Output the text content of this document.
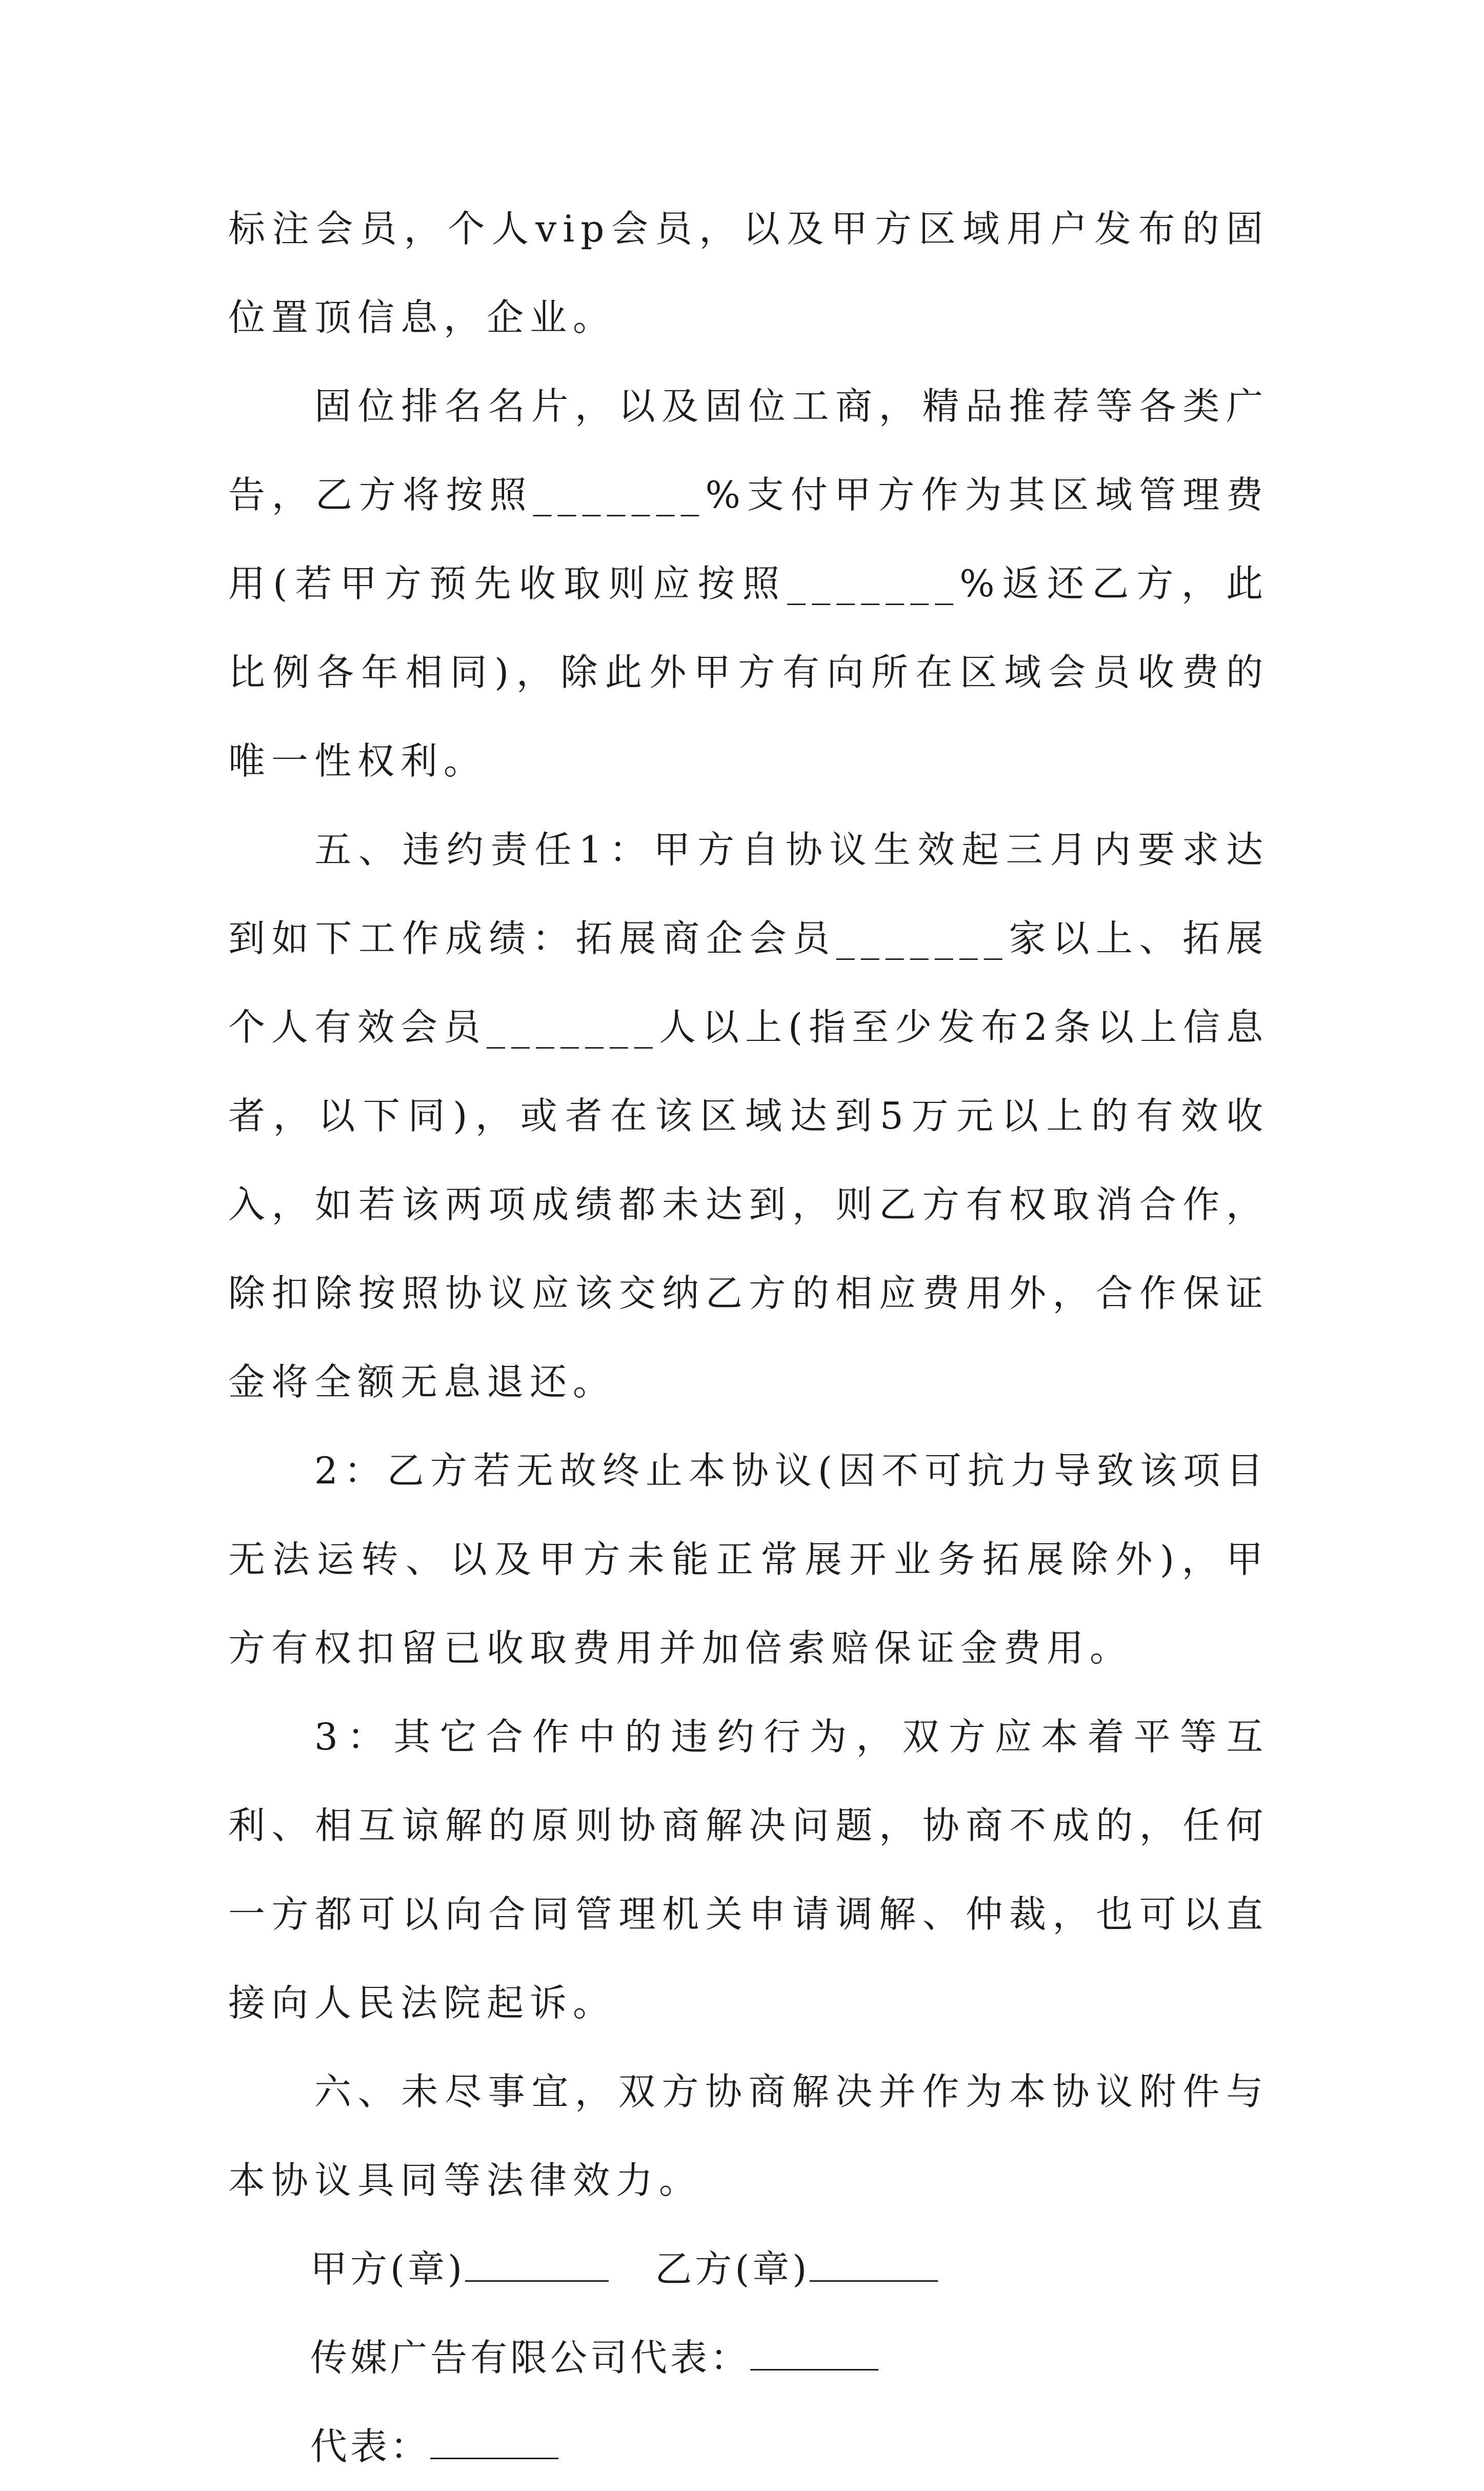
标注会员，个人vip会员，以及甲方区域用户发布的固位置顶信息，企业。

固位排名名片，以及固位工商，精品推荐等各类广告，乙方将按照_______%支付甲方作为其区域管理费用(若甲方预先收取则应按照_______%返还乙方，此比例各年相同)，除此外甲方有向所在区域会员收费的唯一性权利。

五、违约责任1：甲方自协议生效起三月内要求达到如下工作成绩：拓展商企会员_______家以上、拓展个人有效会员_______人以上(指至少发布2条以上信息者，以下同)，或者在该区域达到5万元以上的有效收入，如若该两项成绩都未达到，则乙方有权取消合作，除扣除按照协议应该交纳乙方的相应费用外，合作保证金将全额无息退还。

2：乙方若无故终止本协议(因不可抗力导致该项目无法运转、以及甲方未能正常展开业务拓展除外)，甲方有权扣留已收取费用并加倍索赔保证金费用。

3：其它合作中的违约行为，双方应本着平等互利、相互谅解的原则协商解决问题，协商不成的，任何一方都可以向合同管理机关申请调解、仲裁，也可以直接向人民法院起诉。

六、未尽事宜，双方协商解决并作为本协议附件与本协议具同等法律效力。

甲方(章)	乙方(章)

传媒广告有限公司代表：

代表：
